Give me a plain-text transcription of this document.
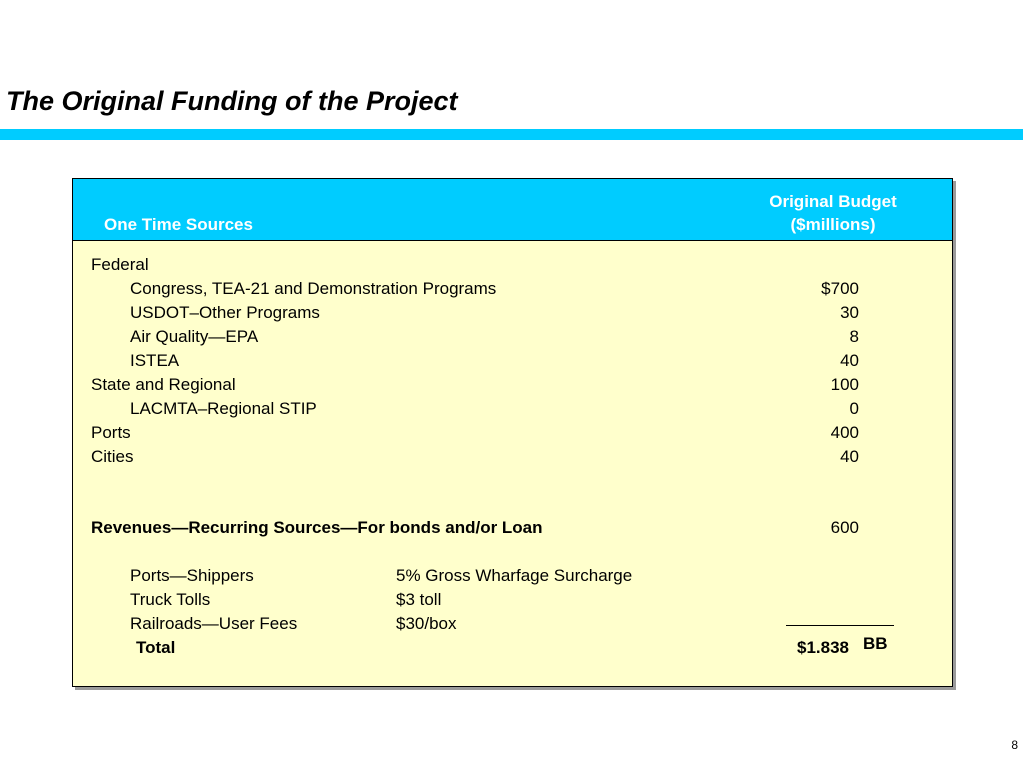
The Original Funding of the Project
One Time Sources
Original Budget
($millions)
Federal
Congress, TEA-21 and Demonstration Programs	$700
USDOT–Other Programs	30
Air Quality—EPA	8
ISTEA	40
State and Regional	100
LACMTA–Regional STIP	0
Ports	400
Cities	40
Revenues—Recurring Sources—For bonds and/or Loan	600
Ports—Shippers	5% Gross Wharfage Surcharge
Truck Tolls	$3 toll
Railroads—User Fees	$30/box
Total	$1.838 BB
8
